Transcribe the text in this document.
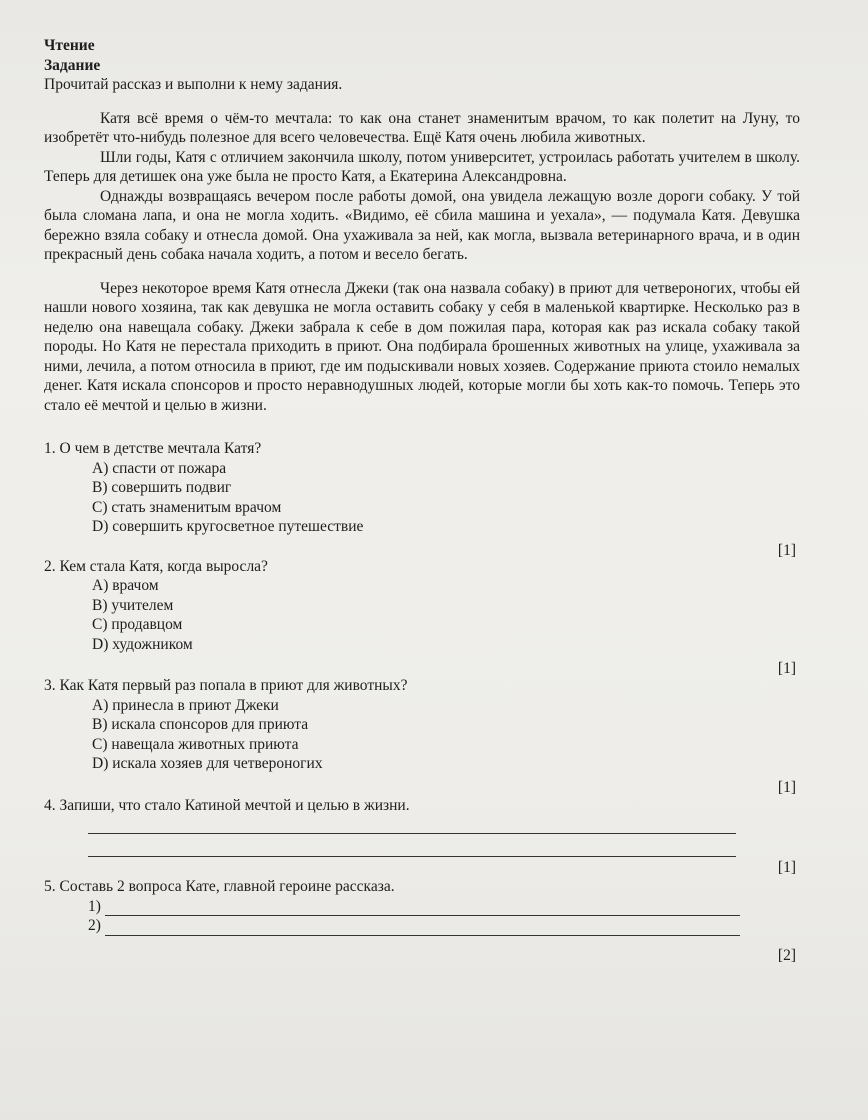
Чтение

Задание

Прочитай рассказ и выполни к нему задания.

Катя всё время о чём-то мечтала: то как она станет знаменитым врачом, то как полетит на Луну, то изобретёт что-нибудь полезное для всего человечества. Ещё Катя очень любила животных.

Шли годы, Катя с отличием закончила школу, потом университет, устроилась работать учителем в школу. Теперь для детишек она уже была не просто Катя, а Екатерина Александровна.

Однажды возвращаясь вечером после работы домой, она увидела лежащую возле дороги собаку. У той была сломана лапа, и она не могла ходить. «Видимо, её сбила машина и уехала», — подумала Катя. Девушка бережно взяла собаку и отнесла домой. Она ухаживала за ней, как могла, вызвала ветеринарного врача, и в один прекрасный день собака начала ходить, а потом и весело бегать.

Через некоторое время Катя отнесла Джеки (так она назвала собаку) в приют для четвероногих, чтобы ей нашли нового хозяина, так как девушка не могла оставить собаку у себя в маленькой квартирке. Несколько раз в неделю она навещала собаку. Джеки забрала к себе в дом пожилая пара, которая как раз искала собаку такой породы. Но Катя не перестала приходить в приют. Она подбирала брошенных животных на улице, ухаживала за ними, лечила, а потом относила в приют, где им подыскивали новых хозяев. Содержание приюта стоило немалых денег. Катя искала спонсоров и просто неравнодушных людей, которые могли бы хоть как-то помочь. Теперь это стало её мечтой и целью в жизни.

1. О чем в детстве мечтала Катя?

A) спасти от пожара

B) совершить подвиг

C) стать знаменитым врачом

D) совершить кругосветное путешествие

[1]

2. Кем стала Катя, когда выросла?

A) врачом

B) учителем

C) продавцом

D) художником

[1]

3. Как Катя первый раз попала в приют для животных?

A) принесла в приют Джеки

B) искала спонсоров для приюта

C) навещала животных приюта

D) искала хозяев для четвероногих

[1]

4. Запиши, что стало Катиной мечтой и целью в жизни.

[1]

5. Составь 2 вопроса Кате, главной героине рассказа.

1)
2)
[2]
